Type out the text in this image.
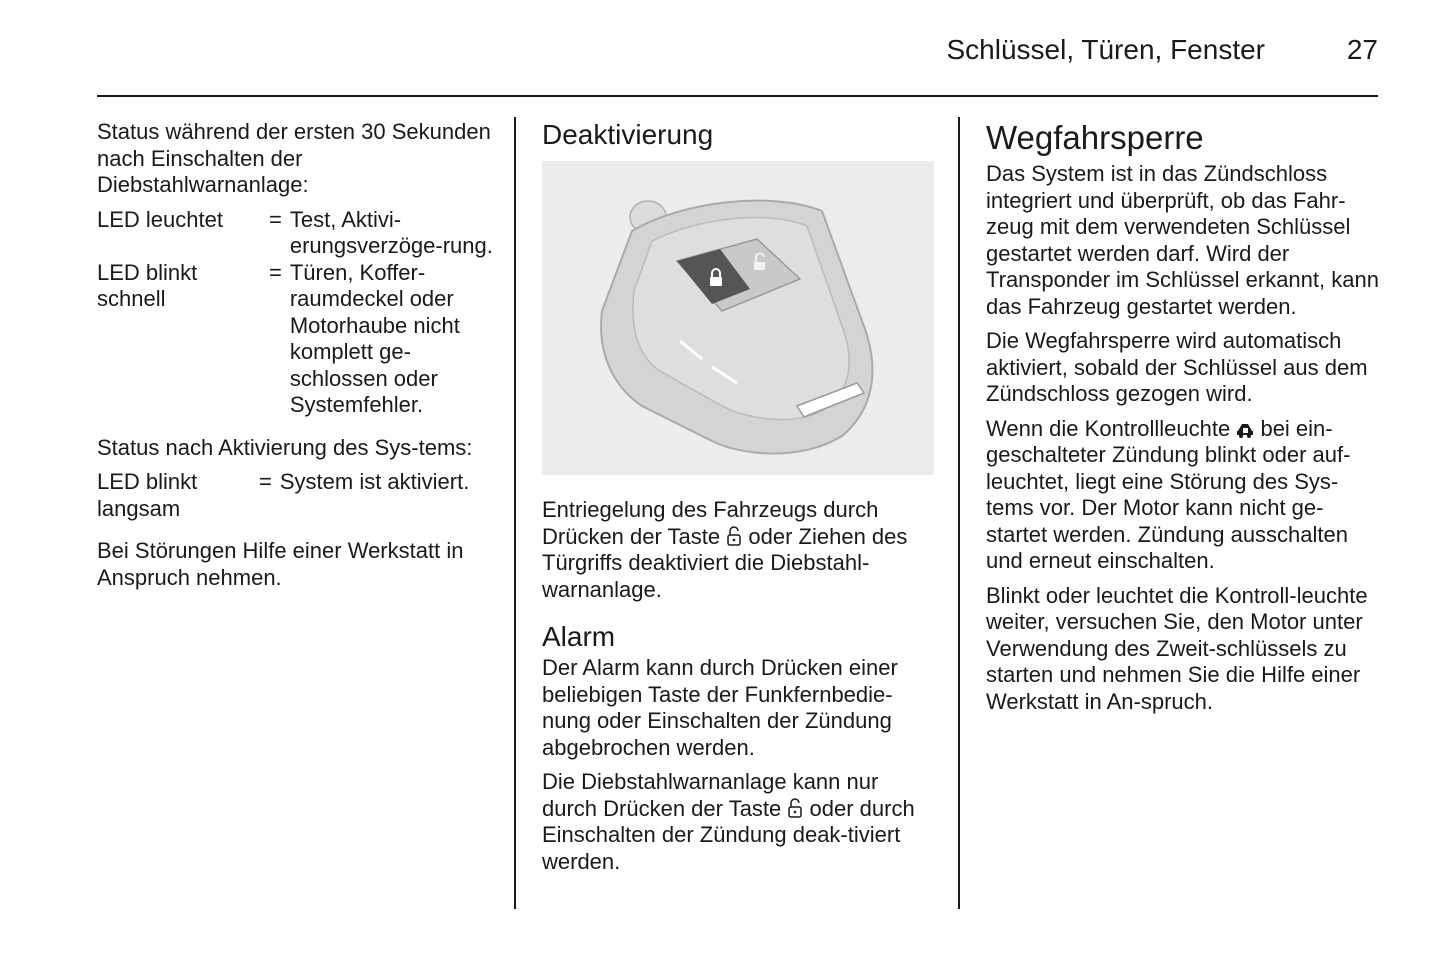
Schlüssel, Türen, Fenster	27

Status während der ersten 30 Sekunden nach Einschalten der Diebstahlwarnanlage:

LED leuchtet	= Test, Aktivi-erungsverzöge-rung.
LED blinkt schnell
= Türen, Koffer-raumdeckel oder Motorhaube nicht komplett ge-schlossen oder Systemfehler.

Status nach Aktivierung des Sys-tems:

LED blinkt langsam
= System ist aktiviert.

Bei Störungen Hilfe einer Werkstatt in Anspruch nehmen.

Deaktivierung

Entriegelung des Fahrzeugs durch Drücken der Taste oder Ziehen des Türgriffs deaktiviert die Diebstahl-warnanlage.

Alarm

Der Alarm kann durch Drücken einer beliebigen Taste der Funkfernbedie-nung oder Einschalten der Zündung abgebrochen werden.

Die Diebstahlwarnanlage kann nur durch Drücken der Taste oder durch Einschalten der Zündung deak-tiviert werden.

Wegfahrsperre

Das System ist in das Zündschloss integriert und überprüft, ob das Fahr-zeug mit dem verwendeten Schlüssel gestartet werden darf. Wird der Transponder im Schlüssel erkannt, kann das Fahrzeug gestartet werden.

Die Wegfahrsperre wird automatisch aktiviert, sobald der Schlüssel aus dem Zündschloss gezogen wird.

Wenn die Kontrollleuchte bei ein-geschalteter Zündung blinkt oder auf-leuchtet, liegt eine Störung des Sys-tems vor. Der Motor kann nicht ge-startet werden. Zündung ausschalten und erneut einschalten.

Blinkt oder leuchtet die Kontroll-leuchte weiter, versuchen Sie, den Motor unter Verwendung des Zweit-schlüssels zu starten und nehmen Sie die Hilfe einer Werkstatt in An-spruch.
